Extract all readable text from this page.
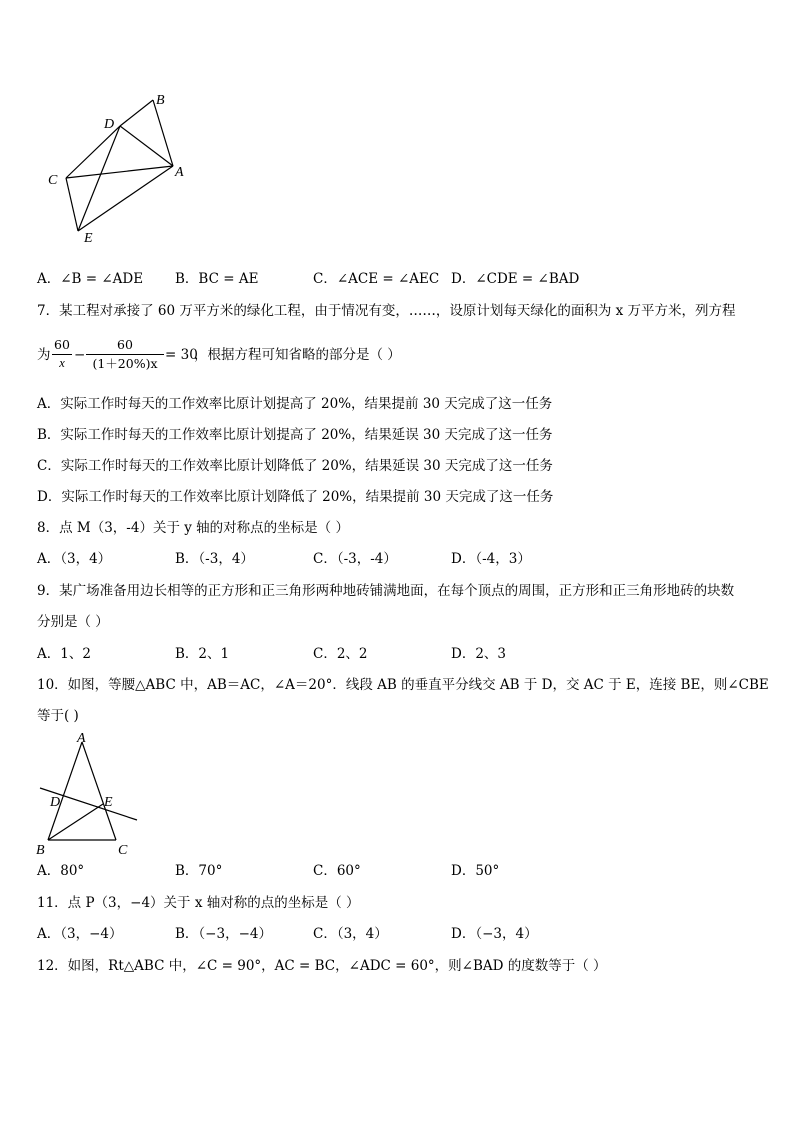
B
D
C
A
E
A．∠B = ∠ADE B．BC = AE	C．∠ACE = ∠AEC D．∠CDE = ∠BAD
7．某工程对承接了 60 万平方米的绿化工程，由于情况有变，……，设原计划每天绿化的面积为 x 万平方米，列方程
为
60
x −
60
(1＋20%)x
= 30
，根据方程可知省略的部分是（ ）
A．实际工作时每天的工作效率比原计划提高了 20%，结果提前 30 天完成了这一任务
B．实际工作时每天的工作效率比原计划提高了 20%，结果延误 30 天完成了这一任务
C．实际工作时每天的工作效率比原计划降低了 20%，结果延误 30 天完成了这一任务
D．实际工作时每天的工作效率比原计划降低了 20%，结果提前 30 天完成了这一任务
8．点 M（3，-4）关于 y 轴的对称点的坐标是（ ）
A．（3，4）	B．（-3，4）	C．（-3，-4）	D．（-4，3）
9．某广场准备用边长相等的正方形和正三角形两种地砖铺满地面，在每个顶点的周围，正方形和正三角形地砖的块数
分别是（ ）
A．1、2	B．2、1	C．2、2	D．2、3
10．如图，等腰△ABC 中，AB＝AC，∠A＝20°．线段 AB 的垂直平分线交 AB 于 D，交 AC 于 E，连接 BE，则∠CBE
等于( )
A
D	E
B	C
A．80°	B．70°	C．60°	D．50°
11．点 P（3，−4）关于 x 轴对称的点的坐标是（ ）
A．（3，−4）	B．（−3，−4）	C．（3，4）	D．（−3，4）
12．如图，Rt△ABC 中，∠C = 90°，AC = BC，∠ADC = 60°，则∠BAD 的度数等于（ ）
